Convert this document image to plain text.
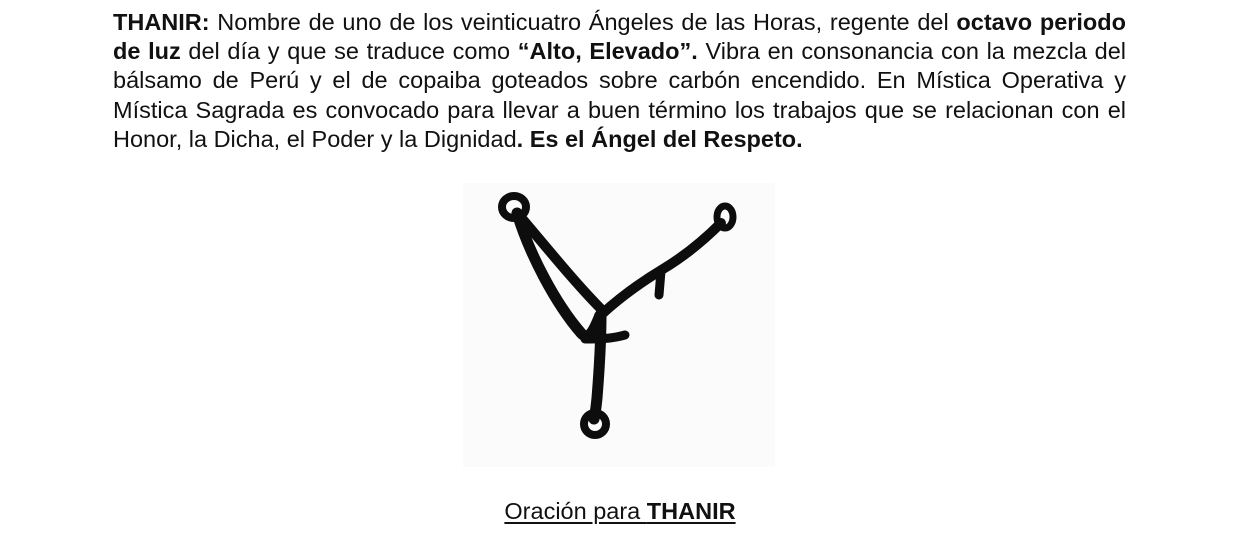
THANIR: Nombre de uno de los veinticuatro Ángeles de las Horas, regente del octavo periodo de luz del día y que se traduce como “Alto, Elevado”. Vibra en consonancia con la mezcla del bálsamo de Perú y el de copaiba goteados sobre carbón encendido. En Mística Operativa y Mística Sagrada es convocado para llevar a buen término los trabajos que se relacionan con el Honor, la Dicha, el Poder y la Dignidad. Es el Ángel del Respeto.

Oración para THANIR
